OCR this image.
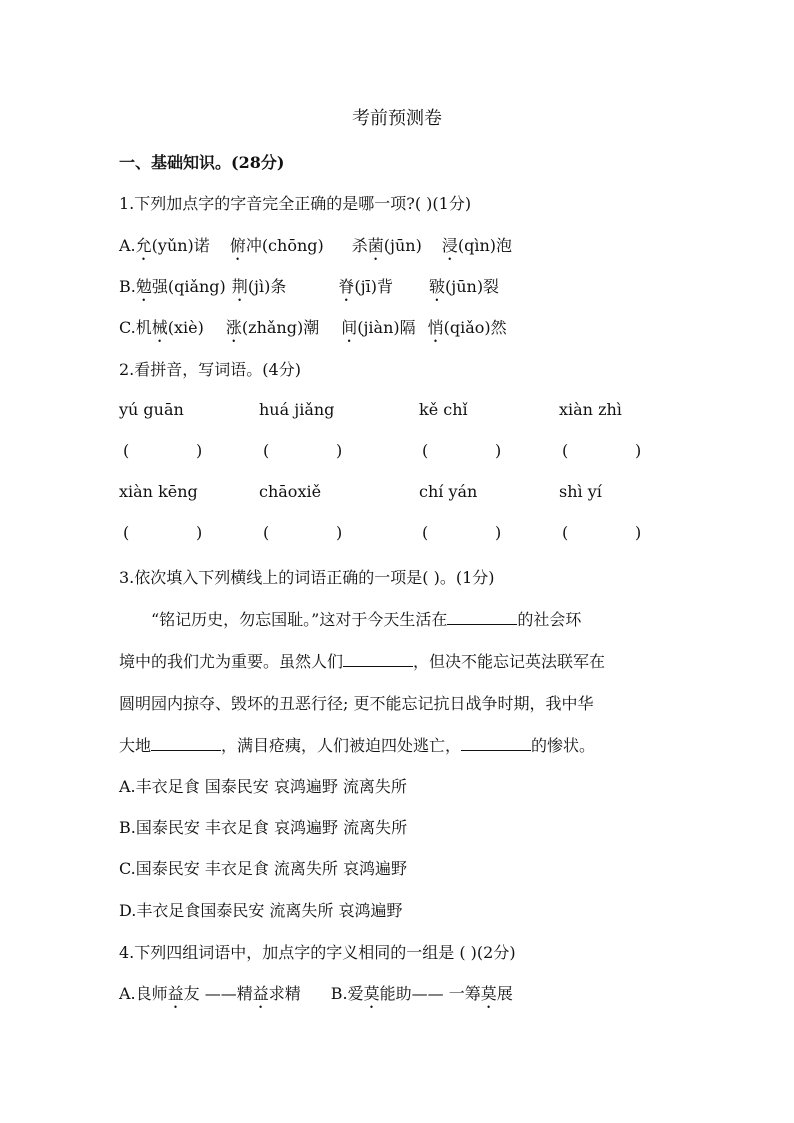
考前预测卷
一、基础知识。(28分)
1.下列加点字的字音完全正确的是哪一项?( )(1分)
A.允(yǔn)诺 俯冲(chōng) 杀菌(jūn) 浸(qìn)泡
B.勉强(qiǎng) 荆(jì)条	脊(jī)背 皲(jūn)裂
C.机械(xiè) 涨(zhǎng)潮 间(jiàn)隔 悄(qiǎo)然
2.看拼音，写词语。(4分)
yú guān	huá jiǎng	kě chǐ	xiàn zhì
(	)	(	)	(	)	(	)
xiàn kēng	chāoxiě	chí yán	shì yí
(	)	(	)	(	)	(	)
3.依次填入下列横线上的词语正确的一项是( )。(1分)
“铭记历史，勿忘国耻。”这对于今天生活在	的社会环
境中的我们尤为重要。虽然人们	，但决不能忘记英法联军在
圆明园内掠夺、毁坏的丑恶行径; 更不能忘记抗日战争时期，我中华
大地	，满目疮痍，人们被迫四处逃亡，	的惨状。
A.丰衣足食 国泰民安 哀鸿遍野 流离失所
B.国泰民安 丰衣足食 哀鸿遍野 流离失所
C.国泰民安 丰衣足食 流离失所 哀鸿遍野
D.丰衣足食国泰民安 流离失所 哀鸿遍野
4.下列四组词语中，加点字的字义相同的一组是 ( )(2分)
A.良师益友 ——精益求精 B.爱莫能助—— 一筹莫展
